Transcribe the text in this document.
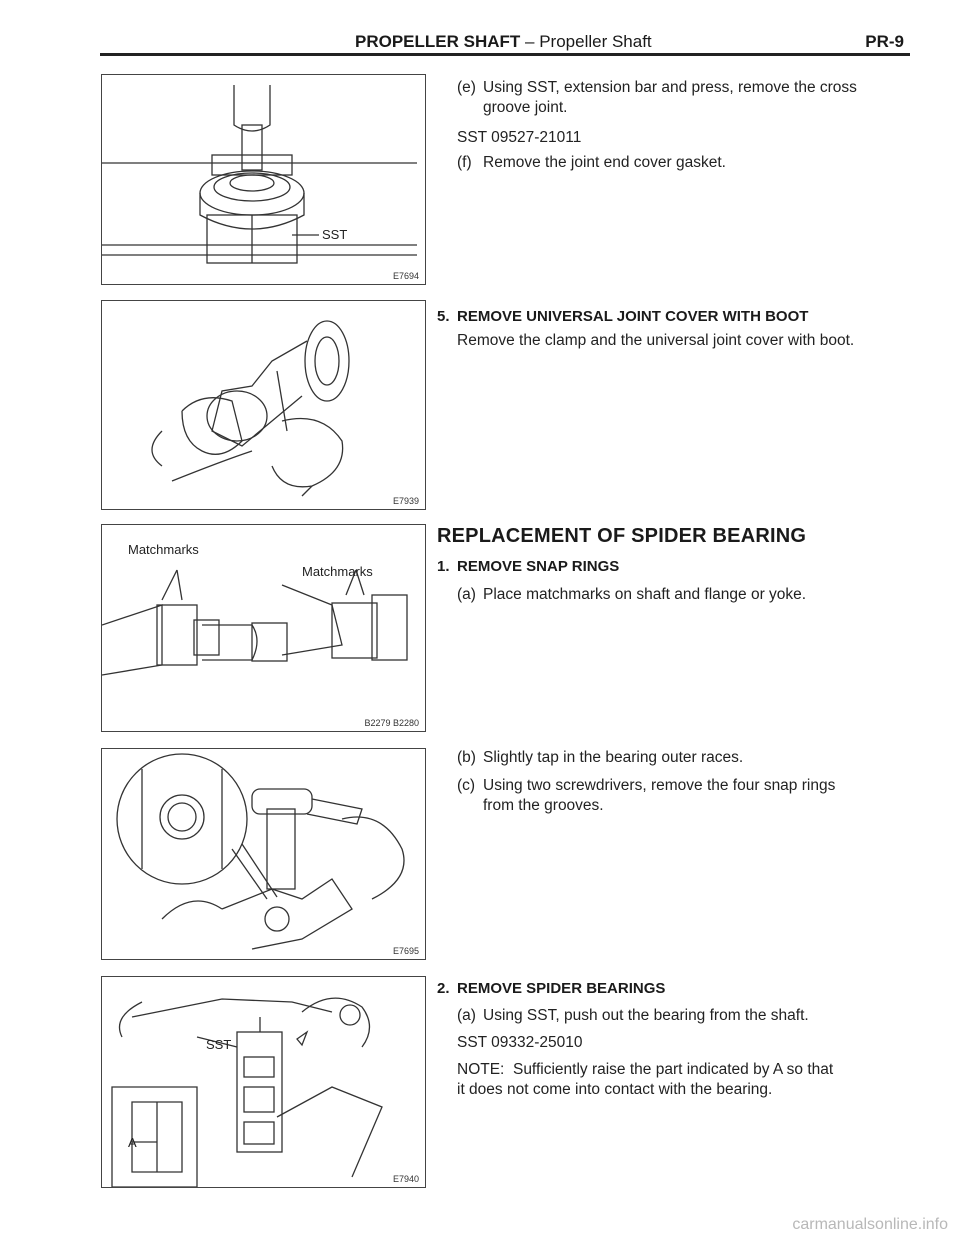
PROPELLER SHAFT – Propeller Shaft	PR-9
SST
E7694
E7939
Matchmarks
Matchmarks
B2279 B2280
E7695
SST
A
E7940
(e) Using SST, extension bar and press, remove the cross
groove joint.
SST 09527-21011
(f) Remove the joint end cover gasket.
5. REMOVE UNIVERSAL JOINT COVER WITH BOOT
Remove the clamp and the universal joint cover with boot.
REPLACEMENT OF SPIDER BEARING
1. REMOVE SNAP RINGS
(a) Place matchmarks on shaft and flange or yoke.
(b) Slightly tap in the bearing outer races.
(c) Using two screwdrivers, remove the four snap rings
from the grooves.
2. REMOVE SPIDER BEARINGS
(a) Using SST, push out the bearing from the shaft.
SST 09332-25010
NOTE:  Sufficiently raise the part indicated by A so that
it does not come into contact with the bearing.
carmanualsonline.info
